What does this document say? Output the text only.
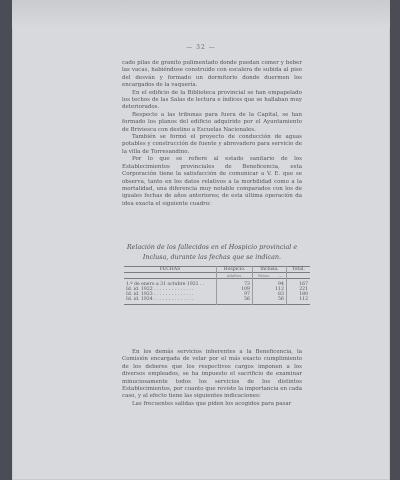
— 32 —

cado pilas de granito pulimentado donde puedan comer y beber las vacas, habiéndose construido con escalera de subida al piso del desván y formado un dormitorio donde duermen los encargados de la vaquería.

En el edificio de la Biblioteca provincial se han empapelado los techos de las Salas de lectura e índices que se hallaban muy deteriorados.

Respecto a las tribunas para fuera de la Capital, se han formado los planos del edificio adquirido por el Ayuntamiento de Briviesca con destino a Escuelas Nacionales.

También se formó el proyecto de conducción de aguas potables y construcción de fuente y abrevadero para servicio de la villa de Torresandino.

Por lo que se refiere al estado sanitario de los Establecimientos provinciales de Beneficencia, esta Corporación tiene la satisfacción de comunicar a V. E. que se observa, tanto en los datos relativos a la morbilidad como a la mortalidad, una diferencia muy notable comparados con los de iguales fechas de años anteriores; de esta última operación da idea exacta el siguiente cuadro:

Relación de los fallecidos en el Hospicio provincial e
Inclusa, durante las fechas que se indican.
FECHAS	Hospicio.	Inclusa.		Total.
	Adultos.	Niños.	—	
1.º de enero a 31 octubre 1921 . .	73	94		167
Id. id. 1922 . . . . . . . . . . . . . .	109	112		221
Id. id. 1923 . . . . . . . . . . . . . .	97	83		180
Id. id. 1924 . . . . . . . . . . . . . .	56	56		112

En los demás servicios inherentes a la Beneficencia, la Comisión encargada de velar por el más exacto cumplimiento de los deberes que los respectivos cargos imponen a los diversos empleados, se ha impuesto el sacrificio de examinar minuciosamente todos los servicios de los distintos Establecimientos, por cuanto que reviste la importancia en cada caso, y al efecto tiene las siguientes indicaciones:

Las frecuentes salidas que piden los acogidos para pasar
